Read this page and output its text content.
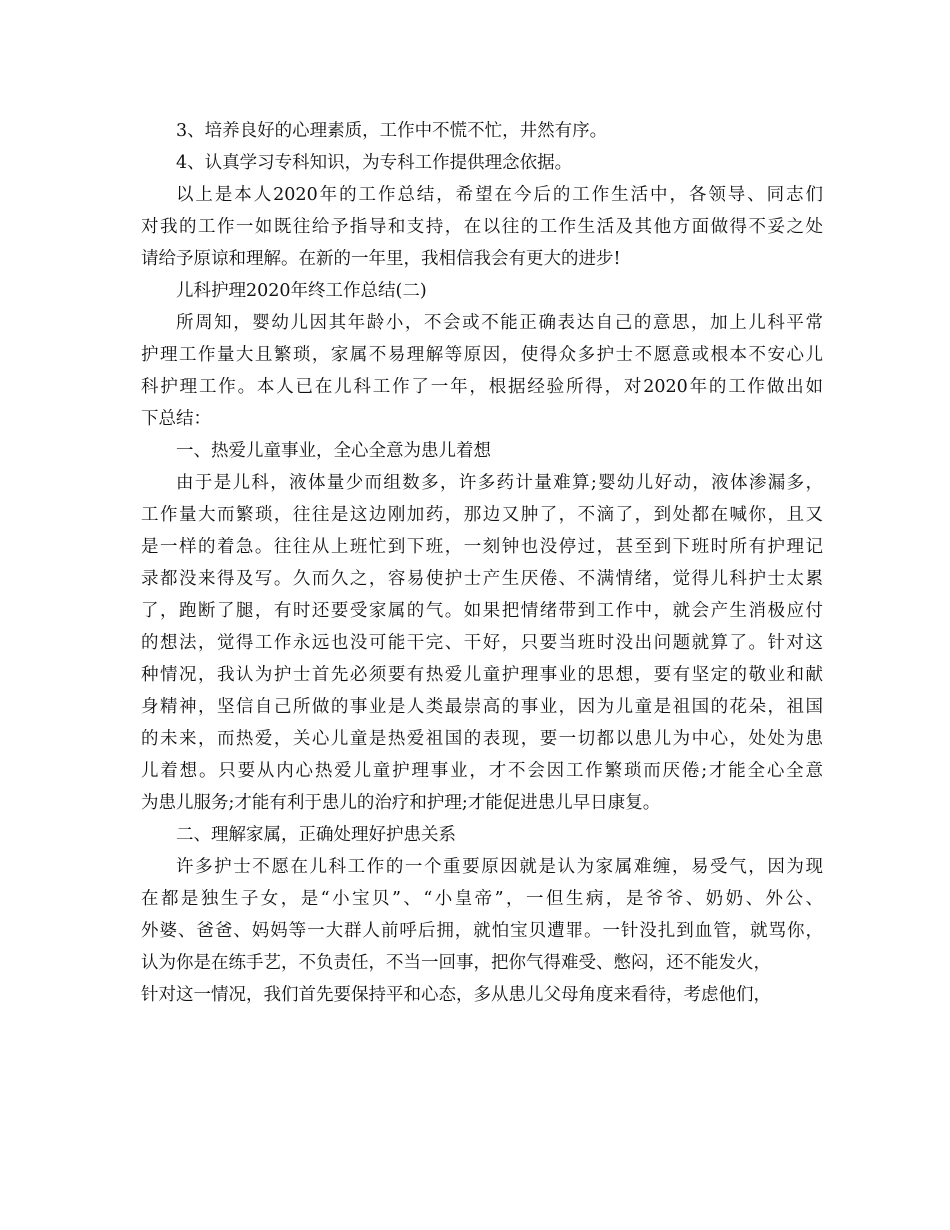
3、培养良好的心理素质，工作中不慌不忙，井然有序。
4、认真学习专科知识，为专科工作提供理念依据。
以上是本人2020年的工作总结，希望在今后的工作生活中，各领导、同志们
对我的工作一如既往给予指导和支持，在以往的工作生活及其他方面做得不妥之处
请给予原谅和理解。在新的一年里，我相信我会有更大的进步!
儿科护理2020年终工作总结(二)
所周知，婴幼儿因其年龄小，不会或不能正确表达自己的意思，加上儿科平常
护理工作量大且繁琐，家属不易理解等原因，使得众多护士不愿意或根本不安心儿
科护理工作。本人已在儿科工作了一年，根据经验所得，对2020年的工作做出如
下总结：
一、热爱儿童事业，全心全意为患儿着想
由于是儿科，液体量少而组数多，许多药计量难算;婴幼儿好动，液体渗漏多，
工作量大而繁琐，往往是这边刚加药，那边又肿了，不滴了，到处都在喊你，且又
是一样的着急。往往从上班忙到下班，一刻钟也没停过，甚至到下班时所有护理记
录都没来得及写。久而久之，容易使护士产生厌倦、不满情绪，觉得儿科护士太累
了，跑断了腿，有时还要受家属的气。如果把情绪带到工作中，就会产生消极应付
的想法，觉得工作永远也没可能干完、干好，只要当班时没出问题就算了。针对这
种情况，我认为护士首先必须要有热爱儿童护理事业的思想，要有坚定的敬业和献
身精神，坚信自己所做的事业是人类最崇高的事业，因为儿童是祖国的花朵，祖国
的未来，而热爱，关心儿童是热爱祖国的表现，要一切都以患儿为中心，处处为患
儿着想。只要从内心热爱儿童护理事业，才不会因工作繁琐而厌倦;才能全心全意
为患儿服务;才能有利于患儿的治疗和护理;才能促进患儿早日康复。
二、理解家属，正确处理好护患关系
许多护士不愿在儿科工作的一个重要原因就是认为家属难缠，易受气，因为现
在都是独生子女，是“小宝贝”、“小皇帝”，一但生病，是爷爷、奶奶、外公、
外婆、爸爸、妈妈等一大群人前呼后拥，就怕宝贝遭罪。一针没扎到血管，就骂你，
认为你是在练手艺，不负责任，不当一回事，把你气得难受、憋闷，还不能发火，
针对这一情况，我们首先要保持平和心态，多从患儿父母角度来看待，考虑他们，
